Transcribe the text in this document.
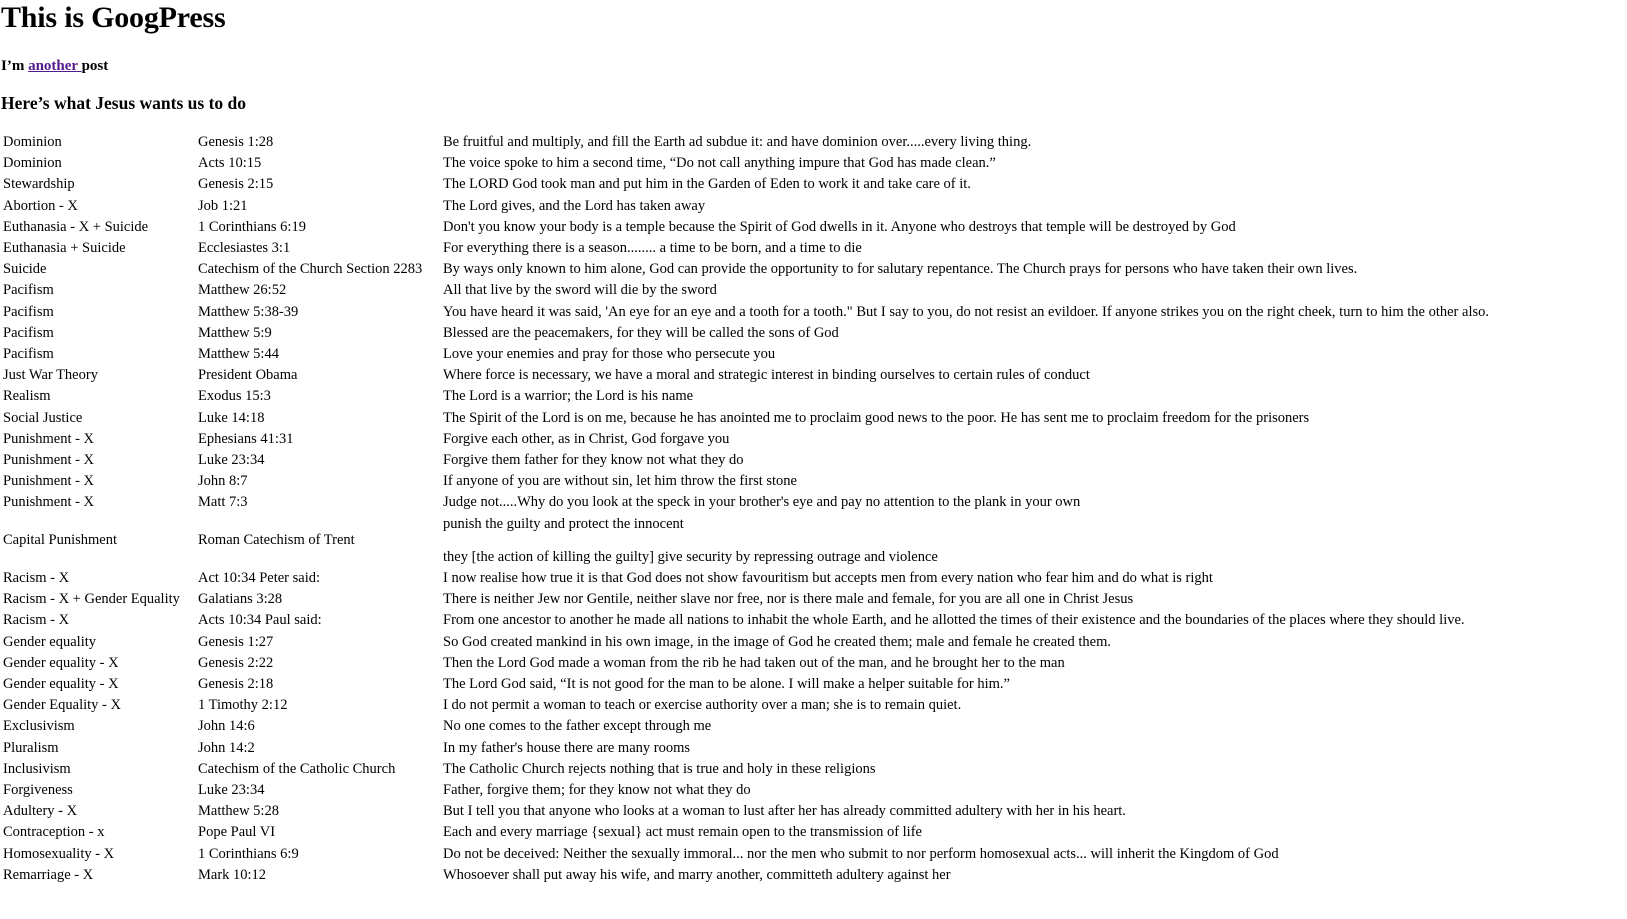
This is GoogPress
I’m another post
Here’s what Jesus wants us to do
Dominion	Genesis 1:28	Be fruitful and multiply, and fill the Earth ad subdue it: and have dominion over.....every living thing.
Dominion	Acts 10:15	The voice spoke to him a second time, “Do not call anything impure that God has made clean.”
Stewardship	Genesis 2:15	The LORD God took man and put him in the Garden of Eden to work it and take care of it.
Abortion - X	Job 1:21	The Lord gives, and the Lord has taken away
Euthanasia - X + Suicide	1 Corinthians 6:19	Don't you know your body is a temple because the Spirit of God dwells in it. Anyone who destroys that temple will be destroyed by God
Euthanasia + Suicide	Ecclesiastes 3:1	For everything there is a season........ a time to be born, and a time to die
Suicide	Catechism of the Church Section 2283	By ways only known to him alone, God can provide the opportunity to for salutary repentance. The Church prays for persons who have taken their own lives.
Pacifism	Matthew 26:52	All that live by the sword will die by the sword
Pacifism	Matthew 5:38-39	You have heard it was said, 'An eye for an eye and a tooth for a tooth." But I say to you, do not resist an evildoer. If anyone strikes you on the right cheek, turn to him the other also.
Pacifism	Matthew 5:9	Blessed are the peacemakers, for they will be called the sons of God
Pacifism	Matthew 5:44	Love your enemies and pray for those who persecute you
Just War Theory	President Obama	Where force is necessary, we have a moral and strategic interest in binding ourselves to certain rules of conduct
Realism	Exodus 15:3	The Lord is a warrior; the Lord is his name
Social Justice	Luke 14:18	The Spirit of the Lord is on me, because he has anointed me to proclaim good news to the poor. He has sent me to proclaim freedom for the prisoners
Punishment - X	Ephesians 41:31	Forgive each other, as in Christ, God forgave you
Punishment - X	Luke 23:34	Forgive them father for they know not what they do
Punishment - X	John 8:7	If anyone of you are without sin, let him throw the first stone
Punishment - X	Matt 7:3	Judge not.....Why do you look at the speck in your brother's eye and pay no attention to the plank in your own
Capital Punishment	Roman Catechism of Trent	punish the guilty and protect the innocent
they [the action of killing the guilty] give security by repressing outrage and violence

Racism - X	Act 10:34 Peter said:	I now realise how true it is that God does not show favouritism but accepts men from every nation who fear him and do what is right
Racism - X + Gender Equality	Galatians 3:28	There is neither Jew nor Gentile, neither slave nor free, nor is there male and female, for you are all one in Christ Jesus
Racism - X	Acts 10:34 Paul said:	From one ancestor to another he made all nations to inhabit the whole Earth, and he allotted the times of their existence and the boundaries of the places where they should live.
Gender equality	Genesis 1:27	So God created mankind in his own image, in the image of God he created them; male and female he created them.
Gender equality - X	Genesis 2:22	Then the Lord God made a woman from the rib he had taken out of the man, and he brought her to the man
Gender equality - X	Genesis 2:18	The Lord God said, “It is not good for the man to be alone. I will make a helper suitable for him.”
Gender Equality - X	1 Timothy 2:12	I do not permit a woman to teach or exercise authority over a man; she is to remain quiet.
Exclusivism	John 14:6	No one comes to the father except through me
Pluralism	John 14:2	In my father's house there are many rooms
Inclusivism	Catechism of the Catholic Church	The Catholic Church rejects nothing that is true and holy in these religions
Forgiveness	Luke 23:34	Father, forgive them; for they know not what they do
Adultery - X	Matthew 5:28	But I tell you that anyone who looks at a woman to lust after her has already committed adultery with her in his heart.
Contraception - x	Pope Paul VI	Each and every marriage {sexual} act must remain open to the transmission of life
Homosexuality - X	1 Corinthians 6:9	Do not be deceived: Neither the sexually immoral... nor the men who submit to nor perform homosexual acts... will inherit the Kingdom of God
Remarriage - X	Mark 10:12	Whosoever shall put away his wife, and marry another, committeth adultery against her
